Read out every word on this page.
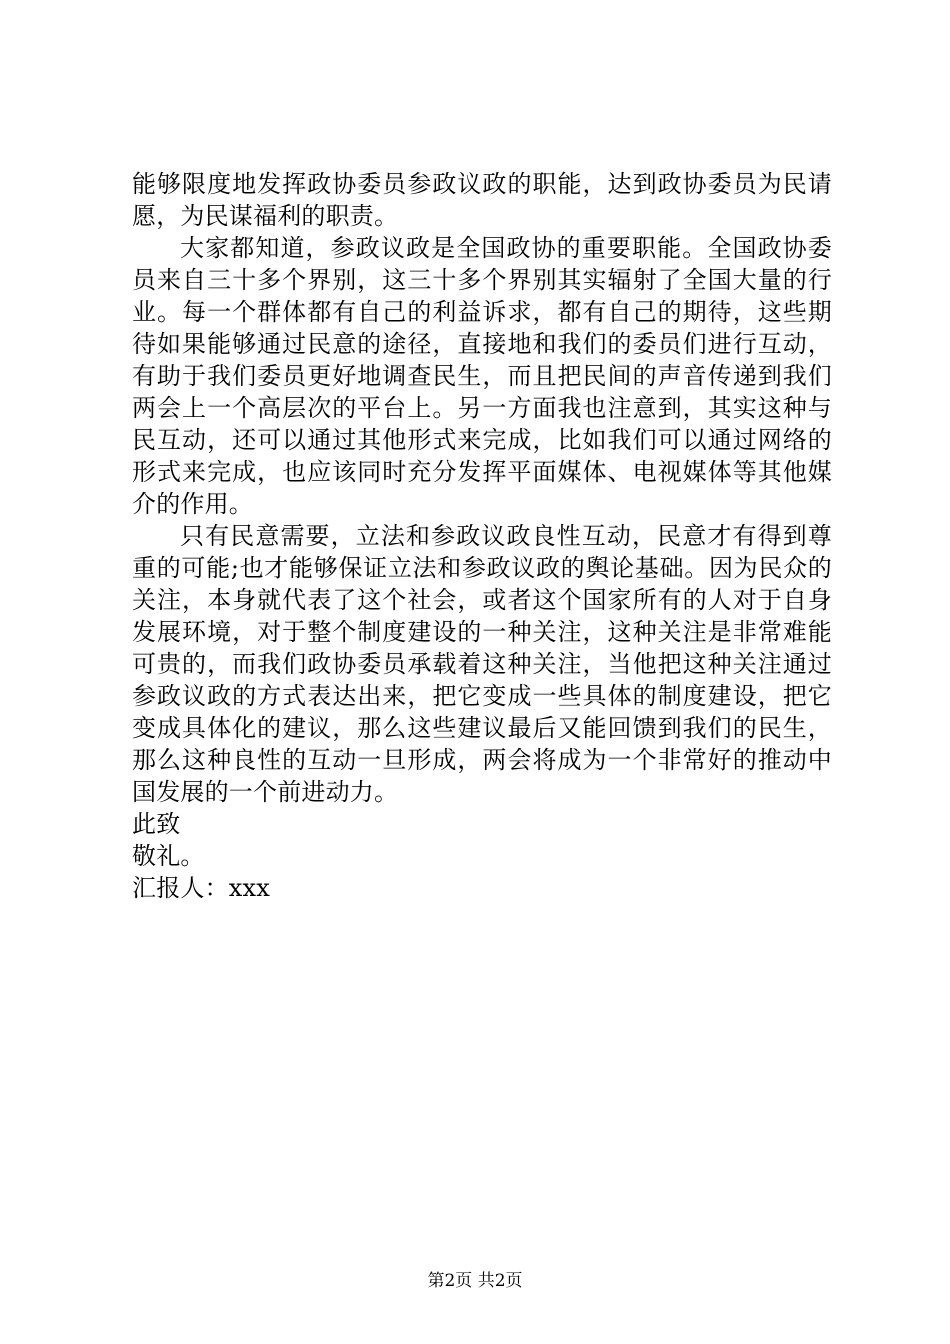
能够限度地发挥政协委员参政议政的职能，达到政协委员为民请愿，为民谋福利的职责。

大家都知道，参政议政是全国政协的重要职能。全国政协委员来自三十多个界别，这三十多个界别其实辐射了全国大量的行业。每一个群体都有自己的利益诉求，都有自己的期待，这些期待如果能够通过民意的途径，直接地和我们的委员们进行互动，有助于我们委员更好地调查民生，而且把民间的声音传递到我们两会上一个高层次的平台上。另一方面我也注意到，其实这种与民互动，还可以通过其他形式来完成，比如我们可以通过网络的形式来完成，也应该同时充分发挥平面媒体、电视媒体等其他媒介的作用。

只有民意需要，立法和参政议政良性互动，民意才有得到尊重的可能;也才能够保证立法和参政议政的舆论基础。因为民众的关注，本身就代表了这个社会，或者这个国家所有的人对于自身发展环境，对于整个制度建设的一种关注，这种关注是非常难能可贵的，而我们政协委员承载着这种关注，当他把这种关注通过参政议政的方式表达出来，把它变成一些具体的制度建设，把它变成具体化的建议，那么这些建议最后又能回馈到我们的民生，那么这种良性的互动一旦形成，两会将成为一个非常好的推动中国发展的一个前进动力。

此致

敬礼。

汇报人：xxx

第2页 共2页
